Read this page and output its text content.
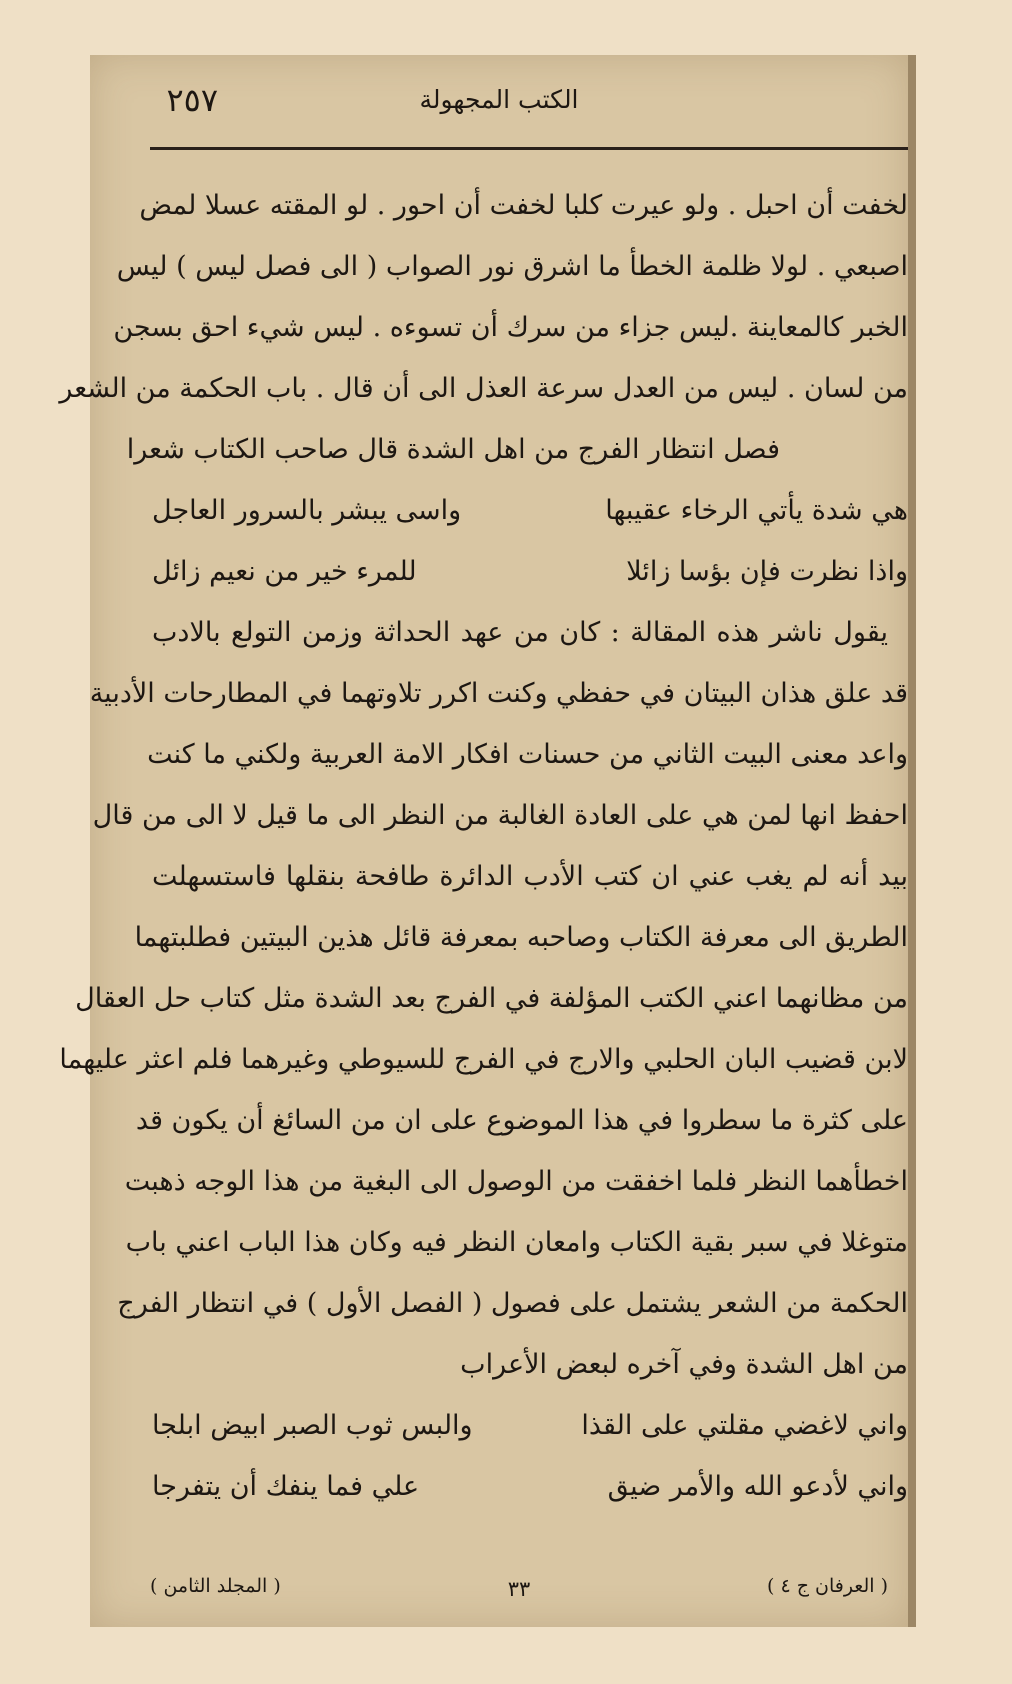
٢٥٧	الكتب المجهولة
لخفت أن احبل . ولو عيرت كلبا لخفت أن احور . لو المقته عسلا لمض
اصبعي . لولا ظلمة الخطأ ما اشرق نور الصواب ( الى فصل ليس ) ليس
الخبر كالمعاينة .ليس جزاء من سرك أن تسوءه . ليس شيء احق بسجن
من لسان . ليس من العدل سرعة العذل الى أن قال . باب الحكمة من الشعر
فصل انتظار الفرج من اهل الشدة قال صاحب الكتاب شعرا
هي شدة يأتي الرخاء عقيبها
واسى يبشر بالسرور العاجل
واذا نظرت فإن بؤسا زائلا
للمرء خير من نعيم زائل
يقول ناشر هذه المقالة : كان من عهد الحداثة وزمن التولع بالادب
قد علق هذان البيتان في حفظي وكنت اكرر تلاوتهما في المطارحات الأدبية
واعد معنى البيت الثاني من حسنات افكار الامة العربية ولكني ما كنت
احفظ انها لمن هي على العادة الغالبة من النظر الى ما قيل لا الى من قال
بيد أنه لم يغب عني ان كتب الأدب الدائرة طافحة بنقلها فاستسهلت
الطريق الى معرفة الكتاب وصاحبه بمعرفة قائل هذين البيتين فطلبتهما
من مظانهما اعني الكتب المؤلفة في الفرج بعد الشدة مثل كتاب حل العقال
لابن قضيب البان الحلبي والارج في الفرج للسيوطي وغيرهما فلم اعثر عليهما
على كثرة ما سطروا في هذا الموضوع على ان من السائغ أن يكون قد
اخطأهما النظر فلما اخفقت من الوصول الى البغية من هذا الوجه ذهبت
متوغلا في سبر بقية الكتاب وامعان النظر فيه وكان هذا الباب اعني باب
الحكمة من الشعر يشتمل على فصول ( الفصل الأول ) في انتظار الفرج
من اهل الشدة وفي آخره لبعض الأعراب
واني لاغضي مقلتي على القذا
والبس ثوب الصبر ابيض ابلجا
واني لأدعو الله والأمر ضيق
علي فما ينفك أن يتفرجا
( العرفان ج ٤ )
٣٣
( المجلد الثامن )
